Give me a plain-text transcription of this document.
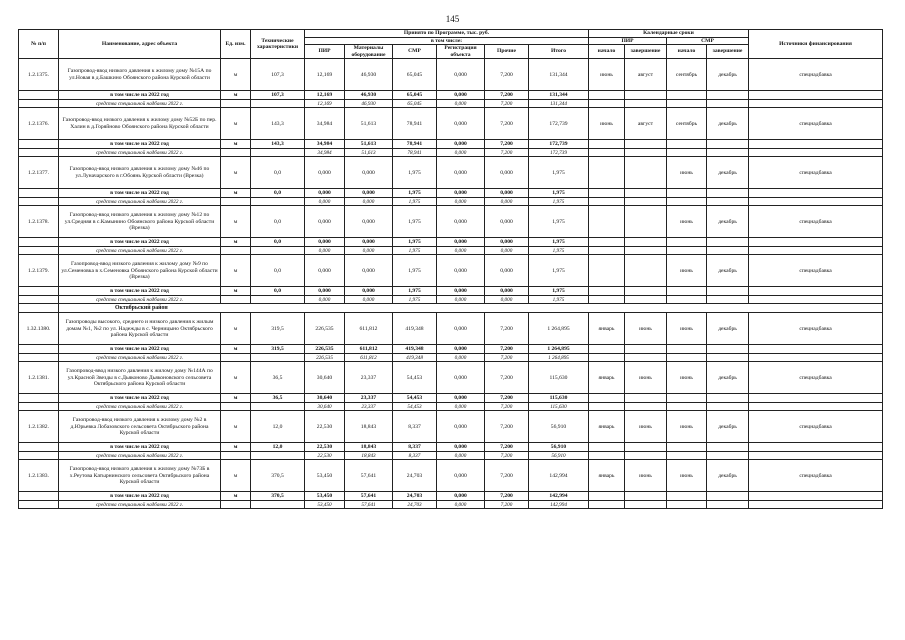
145
№ п/п	Наименование, адрес объекта	Ед. изм.	Технические характеристики	Принято по Программе, тыс. руб.						Календарные сроки				Источники финансирования
				в том числе:						ПИР		СМР		
				ПИР	Материалы оборудование	СМР	Регистрация объекта	Прочие	Итого	начало	завершение	начало	завершение	
1.2.1375.	Газопровод-ввод низкого давления к жилому дому №15А по ул.Новая в д.Башкино Обоянского района Курской области	м	107,3	12,169	46,930	65,045	0,000	7,200	131,344	июнь	август	сентябрь	декабрь	спецнадбавка
	в том числе на 2022 год	м	107,3	12,169	46,930	65,045	0,000	7,200	131,344					
	средства специальной надбавки 2022 г.			12,169	46,930	65,045	0,000	7,200	131,344					
1.2.1376.	Газопровод-ввод низкого давления к жилому дому №52Б по пер. Халин в д.Горяйново Обоянского района Курской области	м	143,3	34,984	51,613	78,941	0,000	7,200	172,739	июнь	август	сентябрь	декабрь	спецнадбавка
	в том числе на 2022 год	м	143,3	34,984	51,613	78,941	0,000	7,200	172,739					
	средства специальной надбавки 2022 г.			34,984	51,613	78,941	0,000	7,200	172,739					
1.2.1377.	Газопровод-ввод низкого давления к жилому дому №46 по ул.Луначарского в г.Обоянь Курской области (Врезка)	м	0,0	0,000	0,000	1,975	0,000	0,000	1,975			июнь	декабрь	спецнадбавка
	в том числе на 2022 год	м	0,0	0,000	0,000	1,975	0,000	0,000	1,975					
	средства специальной надбавки 2022 г.			0,000	0,000	1,975	0,000	0,000	1,975					
1.2.1378.	Газопровод-ввод низкого давления к жилому дому №12 по ул.Средняя в с.Камынино Обоянского района Курской области (Врезка)	м	0,0	0,000	0,000	1,975	0,000	0,000	1,975			июнь	декабрь	спецнадбавка
	в том числе на 2022 год	м	0,0	0,000	0,000	1,975	0,000	0,000	1,975					
	средства специальной надбавки 2022 г.			0,000	0,000	1,975	0,000	0,000	1,975					
1.2.1379.	Газопровод-ввод низкого давления к жилому дому №9 по ул.Семеновка в х.Семеновка Обоянского района Курской области (Врезка)	м	0,0	0,000	0,000	1,975	0,000	0,000	1,975			июнь	декабрь	спецнадбавка
	в том числе на 2022 год	м	0,0	0,000	0,000	1,975	0,000	0,000	1,975					
	средства специальной надбавки 2022 г.			0,000	0,000	1,975	0,000	0,000	1,975					
	Октябрьский район													
1.32.1380.	Газопроводы высокого, среднего и низкого давления к жилым домам №1, №2 по ул. Надежды в с. Черницыно Октябрьского района Курской области	м	319,5	226,535	611,812	419,348	0,000	7,200	1 264,895	январь	июнь	июнь	декабрь	спецнадбавка
	в том числе на 2022 год	м	319,5	226,535	611,812	419,348	0,000	7,200	1 264,895					
	средства специальной надбавки 2022 г.			226,535	611,812	419,348	0,000	7,200	1 264,895					
1.2.1381.	Газопровод-ввод низкого давления к жилому дому №144А по ул.Красной Звезды в с.Дьяконово Дьяконовского сельсовета Октябрьского района Курской области	м	36,5	30,640	23,337	54,453	0,000	7,200	115,630	январь	июнь	июнь	декабрь	спецнадбавка
	в том числе на 2022 год	м	36,5	30,640	23,337	54,453	0,000	7,200	115,630					
	средства специальной надбавки 2022 г.			30,640	23,337	54,453	0,000	7,200	115,630					
1.2.1382.	Газопровод-ввод низкого давления к жилому дому №2 в д.Юрьевка Лобазовского сельсовета Октябрьского района Курской области	м	12,0	22,530	18,843	8,337	0,000	7,200	56,910	январь	июнь	июнь	декабрь	спецнадбавка
	в том числе на 2022 год	м	12,0	22,530	18,843	8,337	0,000	7,200	56,910					
	средства специальной надбавки 2022 г.			22,530	18,843	8,337	0,000	7,200	56,910					
1.2.1383.	Газопровод-ввод низкого давления к жилому дому №73Б в х.Реутова Катырнинского сельсовета Октябрьского района Курской области	м	370,5	53,450	57,641	24,703	0,000	7,200	142,994	январь	июнь	июнь	декабрь	спецнадбавка
	в том числе на 2022 год	м	370,5	53,450	57,641	24,703	0,000	7,200	142,994					
	средства специальной надбавки 2022 г.			53,450	57,641	24,703	0,000	7,200	142,994					
